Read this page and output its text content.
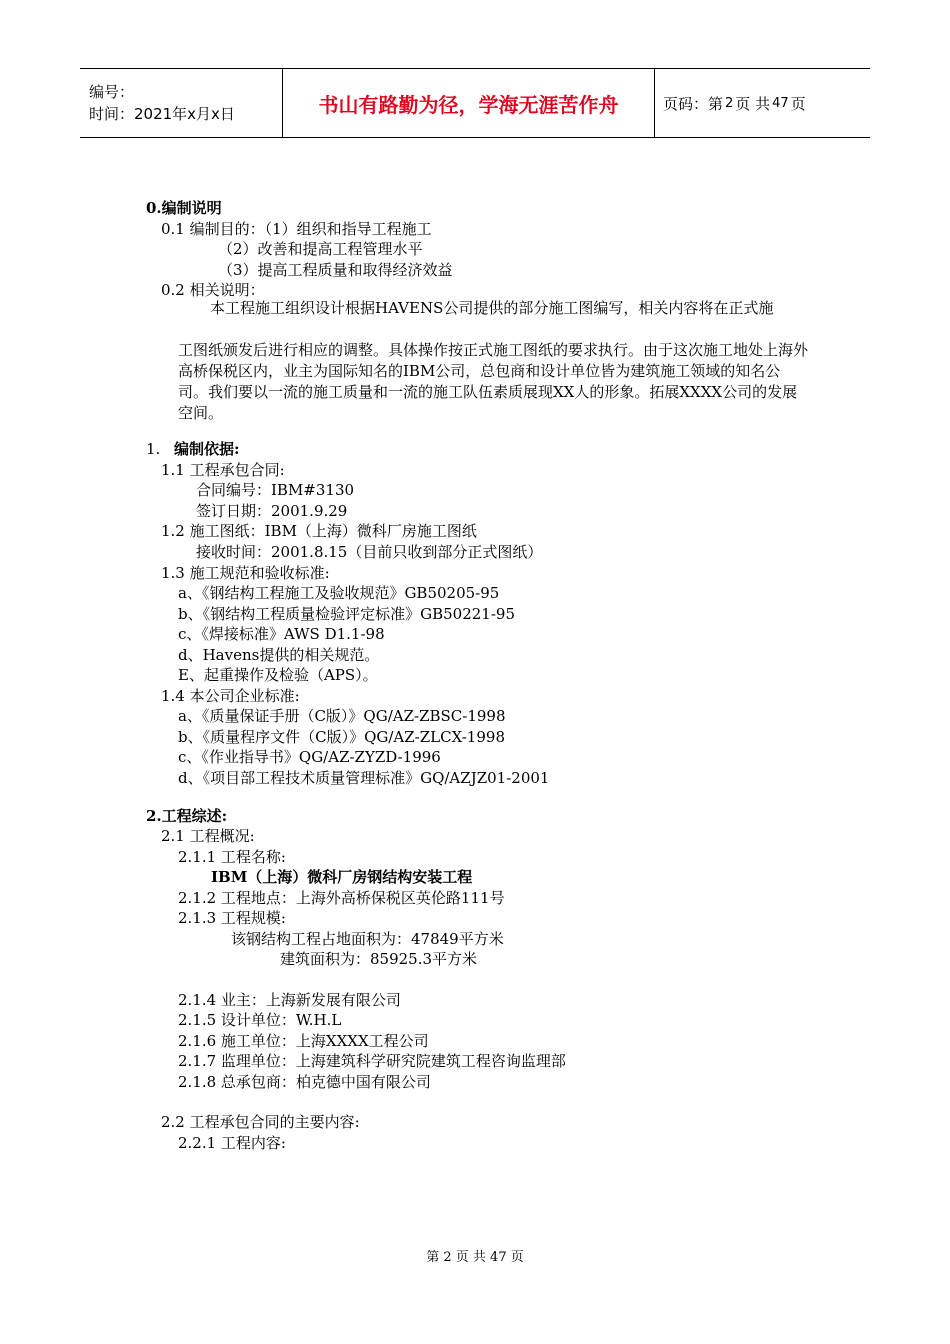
编号：
时间：2021年x月x日	书山有路勤为径，学海无涯苦作舟	页码：第 2 页 共 47 页
0.编制说明
0.1 编制目的：（1）组织和指导工程施工
（2）改善和提高工程管理水平
（3）提高工程质量和取得经济效益
0.2 相关说明：
本工程施工组织设计根据HAVENS公司提供的部分施工图编写，相关内容将在正式施
工图纸颁发后进行相应的调整。具体操作按正式施工图纸的要求执行。由于这次施工地处上海外高桥保税区内，业主为国际知名的IBM公司，总包商和设计单位皆为建筑施工领域的知名公司。我们要以一流的施工质量和一流的施工队伍素质展现XX人的形象。拓展XXXX公司的发展空间。
1. 编制依据:
1.1 工程承包合同:
合同编号：IBM#3130
签订日期：2001.9.29
1.2 施工图纸：IBM（上海）微科厂房施工图纸
接收时间：2001.8.15（目前只收到部分正式图纸）
1.3 施工规范和验收标准:
a、《钢结构工程施工及验收规范》GB50205-95
b、《钢结构工程质量检验评定标准》GB50221-95
c、《焊接标准》AWS D1.1-98
d、Havens提供的相关规范。
E、起重操作及检验（APS）。
1.4 本公司企业标准:
a、《质量保证手册（C版）》QG/AZ-ZBSC-1998
b、《质量程序文件（C版）》QG/AZ-ZLCX-1998
c、《作业指导书》QG/AZ-ZYZD-1996
d、《项目部工程技术质量管理标准》GQ/AZJZ01-2001
2.工程综述:
2.1 工程概况:
2.1.1 工程名称:
IBM（上海）微科厂房钢结构安装工程
2.1.2 工程地点：上海外高桥保税区英伦路111号
2.1.3 工程规模:
该钢结构工程占地面积为：47849平方米
建筑面积为：85925.3平方米
2.1.4 业主：上海新发展有限公司
2.1.5 设计单位：W.H.L
2.1.6 施工单位：上海XXXX工程公司
2.1.7 监理单位：上海建筑科学研究院建筑工程咨询监理部
2.1.8 总承包商：柏克德中国有限公司
2.2 工程承包合同的主要内容:
2.2.1 工程内容:
第 2 页 共 47 页
